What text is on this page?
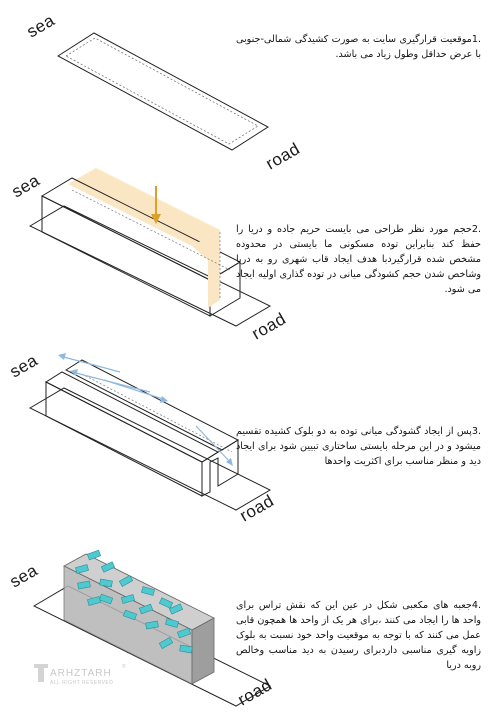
sea
road
sea
road
sea
road
sea
road
ARHZTARH
®
ALL RIGHT RESERVED
.1موقعیت قرارگیری سایت به صورت کشیدگی شمالی-جنوبی با عرض حداقل وطول زیاد می باشد.
.2حجم مورد نظر طراحی می بایست حریم جاده و دریا را حفظ کند بنابراین توده مسکونی ما بایستی در محدوده مشخص شده قرارگیردبا هدف ایجاد قاب شهری رو به دریا وشاخص شدن حجم کشودگی میانی در توده گذاری اولیه ایجاد می شود.
.3پس از ایجاد گشودگی میانی توده به دو بلوک کشیده تقسیم میشود و در این مرحله بایستی ساختاری تبیین شود برای ایجاد دید و منظر مناسب برای اکثریت واحدها
.4جعبه های مکعبی شکل در عین این که نقش تراس برای واحد ها را ایجاد می کنند ،برای هر یک از واحد ها همچون قابی عمل می کنند که با توجه به موقعیت واحد خود نسبت به بلوک زاویه گیری مناسبی داردبرای رسیدن به دید مناسب وخالص روبه دریا
